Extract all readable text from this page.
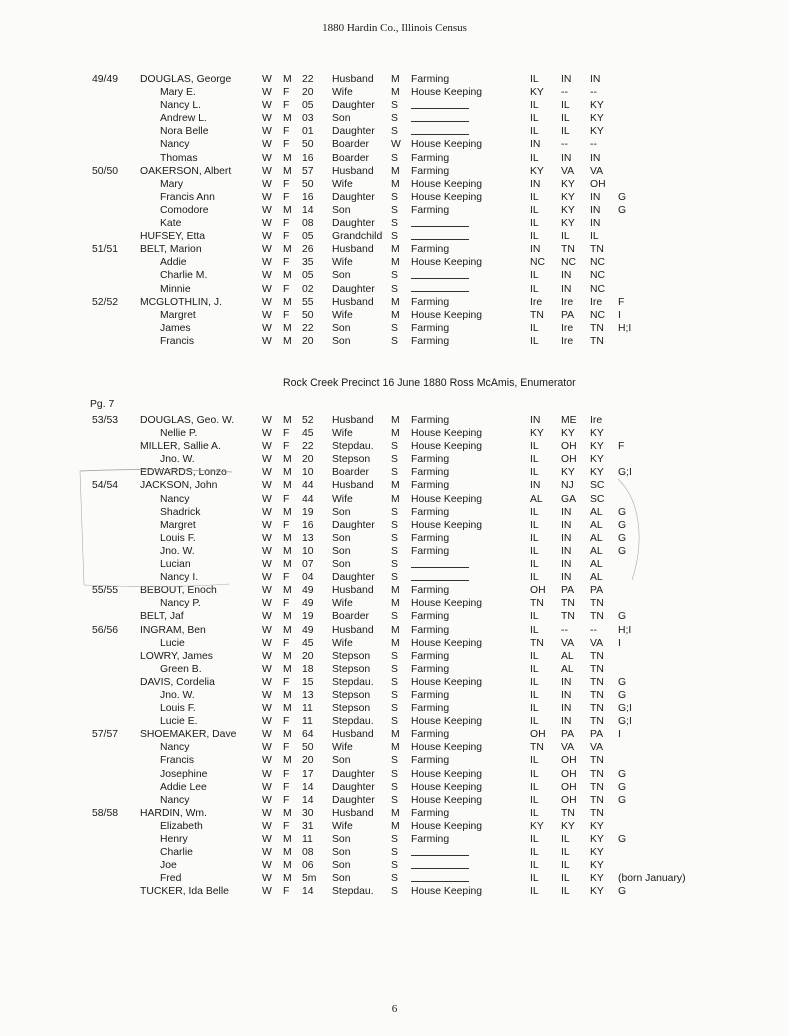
1880 Hardin Co., Illinois Census
49/49 DOUGLAS, George	W M 22 Husband M Farming	IL IN IN
Mary E.	W F 20 Wife	M House Keeping	KY -- --
Nancy L.	W F 05 Daughter S	IL IL KY
Andrew L.	W M 03 Son	S	IL IL KY
Nora Belle	W F 01 Daughter S	IL IL KY
Nancy	W F 50 Boarder W House Keeping	IN -- --
Thomas	W M 16 Boarder S Farming	IL IN IN
50/50 OAKERSON, Albert	W M 57 Husband M Farming	KY VA VA
Mary	W F 50 Wife	M House Keeping	IN KY OH
Francis Ann	W F 16 Daughter S House Keeping	IL KY IN G
Comodore	W M 14 Son	S Farming	IL KY IN G
Kate	W F 08 Daughter S	IL KY IN
HUFSEY, Etta	W F 05 Grandchild S	IL IL IL
51/51 BELT, Marion	W M 26 Husband M Farming	IN TN TN
Addie	W F 35 Wife	M House Keeping	NC NC NC
Charlie M.	W M 05 Son	S	IL IN NC
Minnie	W F 02 Daughter S	IL IN NC
52/52 MCGLOTHLIN, J.	W M 55 Husband M Farming	Ire Ire Ire F
Margret	W F 50 Wife	M House Keeping	TN PA NC I
James	W M 22 Son	S Farming	IL Ire TN H;I
Francis	W M 20 Son	S Farming	IL Ire TN
Rock Creek Precinct 16 June 1880 Ross McAmis, Enumerator
Pg. 7
53/53 DOUGLAS, Geo. W.	W M 52 Husband M Farming	IN ME Ire
Nellie P.	W F 45 Wife	M House Keeping	KY KY KY
MILLER, Sallie A.	W F 22 Stepdau. S House Keeping	IL OH KY F
Jno. W.	W M 20 Stepson S Farming	IL OH KY
EDWARDS, Lonzo	W M 10 Boarder S Farming	IL KY KY G;I
54/54 JACKSON, John	W M 44 Husband M Farming	IN NJ SC
Nancy	W F 44 Wife	M House Keeping	AL GA SC
Shadrick	W M 19 Son	S Farming	IL IN AL G
Margret	W F 16 Daughter S House Keeping	IL IN AL G
Louis F.	W M 13 Son	S Farming	IL IN AL G
Jno. W.	W M 10 Son	S Farming	IL IN AL G
Lucian	W M 07 Son	S	IL IN AL
Nancy I.	W F 04 Daughter S	IL IN AL
55/55 BEBOUT, Enoch	W M 49 Husband M Farming	OH PA PA
Nancy P.	W F 49 Wife	M House Keeping	TN TN TN
BELT, Jaf	W M 19 Boarder S Farming	IL TN TN G
56/56 INGRAM, Ben	W M 49 Husband M Farming	IL -- -- H;I
Lucie	W F 45 Wife	M House Keeping	TN VA VA I
LOWRY, James	W M 20 Stepson S Farming	IL AL TN
Green B.	W M 18 Stepson S Farming	IL AL TN
DAVIS, Cordelia	W F 15 Stepdau. S House Keeping	IL IN TN G
Jno. W.	W M 13 Stepson S Farming	IL IN TN G
Louis F.	W M 11 Stepson S Farming	IL IN TN G;I
Lucie E.	W F 11 Stepdau. S House Keeping	IL IN TN G;I
57/57 SHOEMAKER, Dave W M 64 Husband M Farming	OH PA PA I
Nancy	W F 50 Wife	M House Keeping	TN VA VA
Francis	W M 20 Son	S Farming	IL OH TN
Josephine	W F 17 Daughter S House Keeping	IL OH TN G
Addie Lee	W F 14 Daughter S House Keeping	IL OH TN G
Nancy	W F 14 Daughter S House Keeping	IL OH TN G
58/58 HARDIN, Wm.	W M 30 Husband M Farming	IL TN TN
Elizabeth	W F 31 Wife	M House Keeping	KY KY KY
Henry	W M 11 Son	S Farming	IL IL KY G
Charlie	W M 08 Son	S	IL IL KY
Joe	W M 06 Son	S	IL IL KY
Fred	W M 5m Son	S	IL IL KY (born January)
TUCKER, Ida Belle	W F 14 Stepdau. S House Keeping	IL IL KY G
6
